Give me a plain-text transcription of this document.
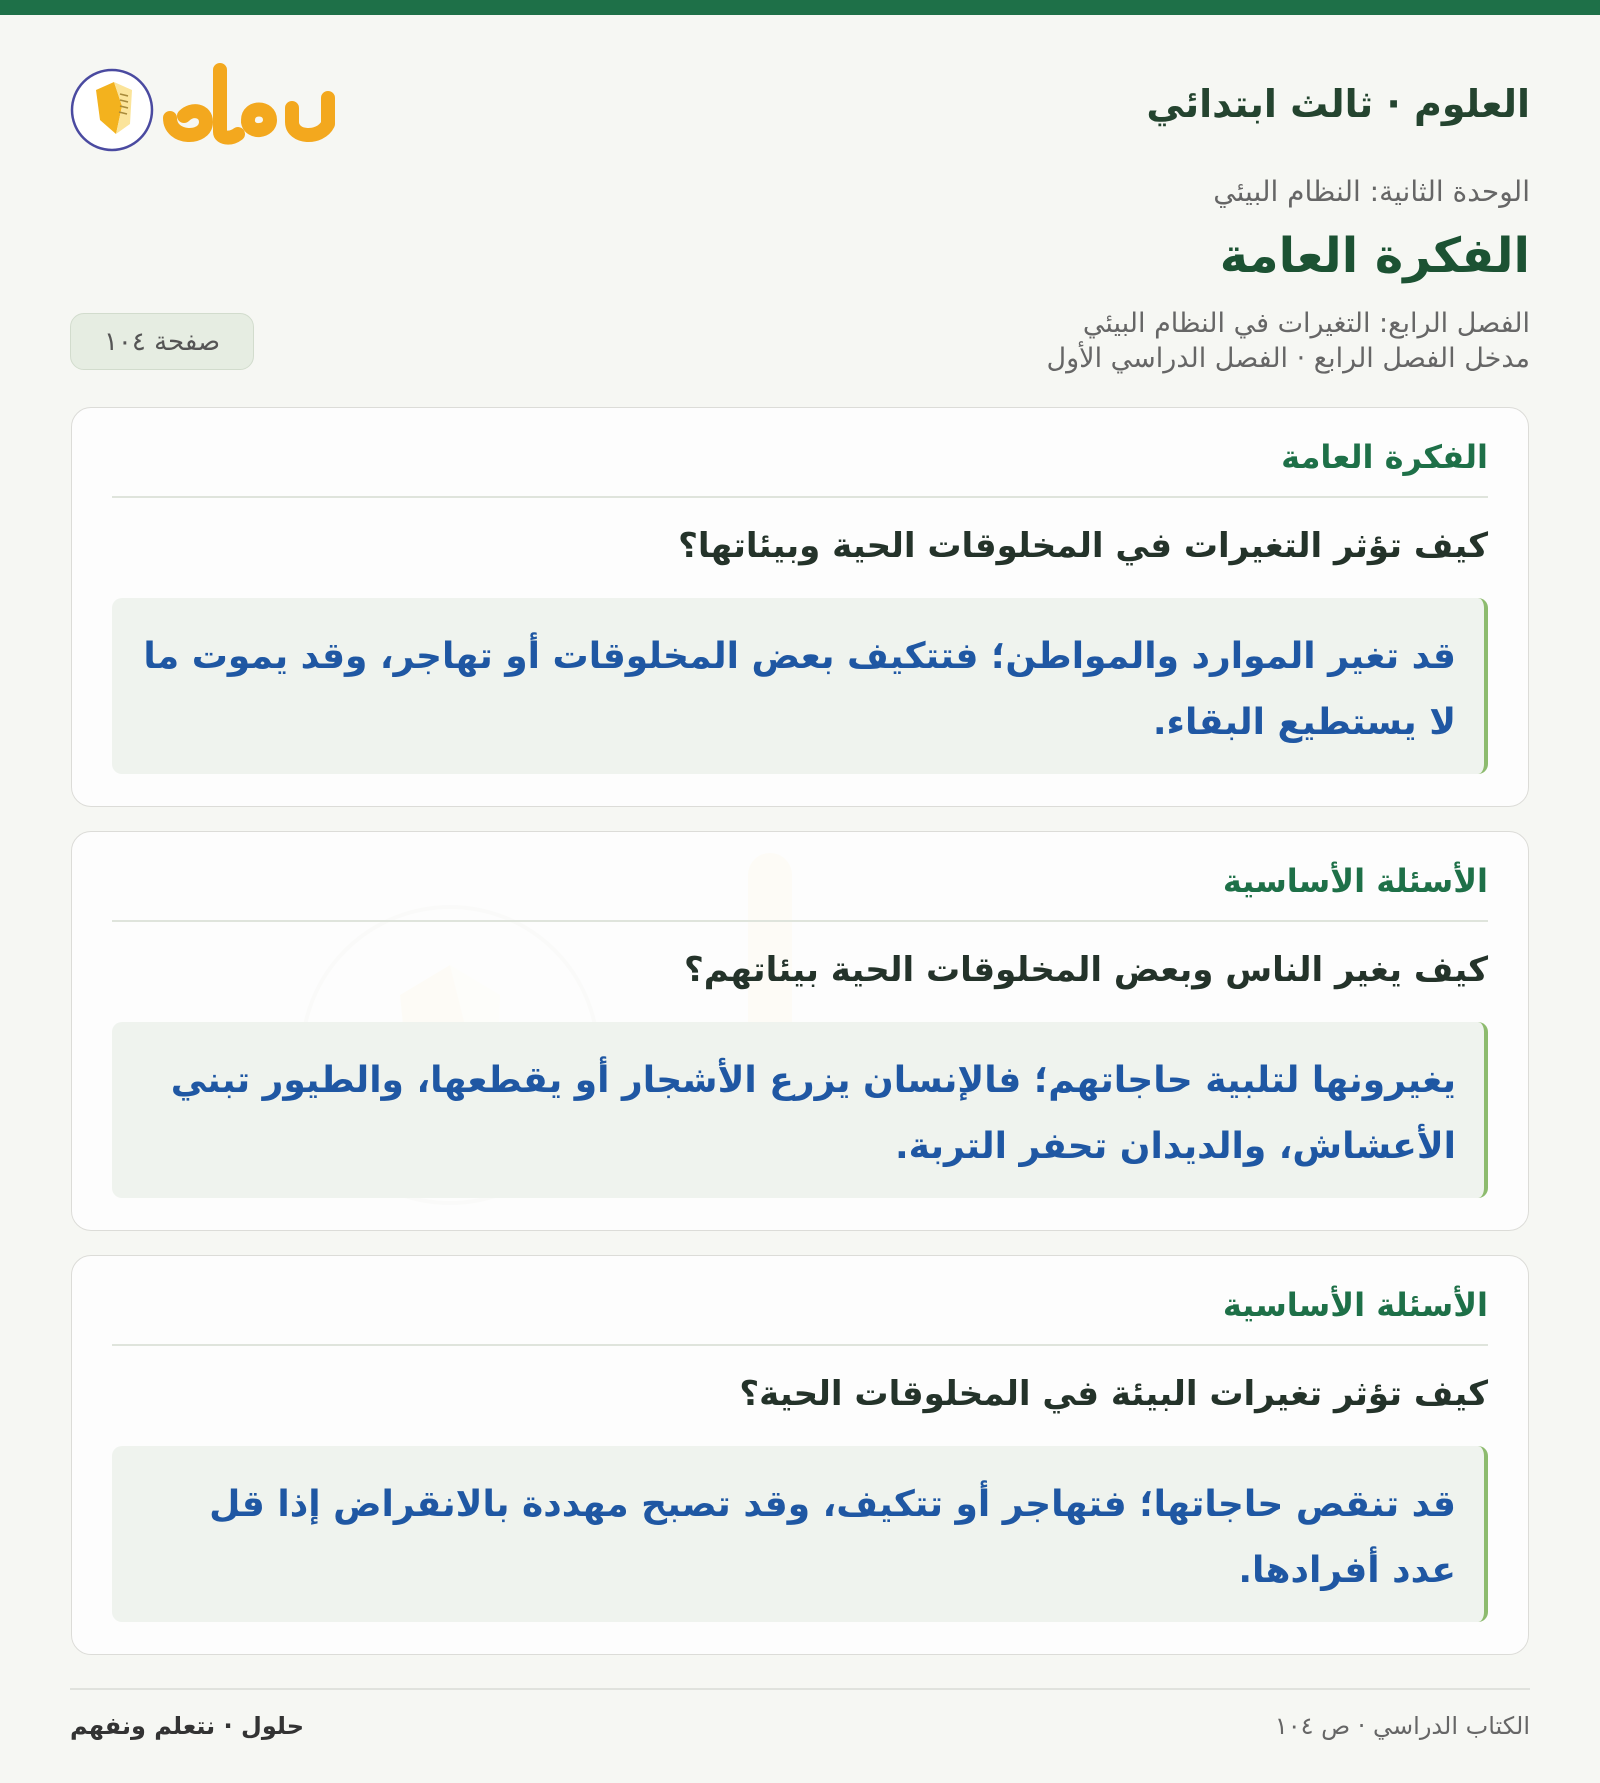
العلوم · ثالث ابتدائي
الوحدة الثانية: النظام البيئي
الفكرة العامة
الفصل الرابع: التغيرات في النظام البيئي
مدخل الفصل الرابع · الفصل الدراسي الأول
صفحة ١٠٤
الفكرة العامة
كيف تؤثر التغيرات في المخلوقات الحية وبيئاتها؟
قد تغير الموارد والمواطن؛ فتتكيف بعض المخلوقات أو تهاجر، وقد يموت ما لا يستطيع البقاء.
الأسئلة الأساسية
كيف يغير الناس وبعض المخلوقات الحية بيئاتهم؟
يغيرونها لتلبية حاجاتهم؛ فالإنسان يزرع الأشجار أو يقطعها، والطيور تبني الأعشاش، والديدان تحفر التربة.
الأسئلة الأساسية
كيف تؤثر تغيرات البيئة في المخلوقات الحية؟
قد تنقص حاجاتها؛ فتهاجر أو تتكيف، وقد تصبح مهددة بالانقراض إذا قل عدد أفرادها.
الكتاب الدراسي · ص ١٠٤
حلول · نتعلم ونفهم
